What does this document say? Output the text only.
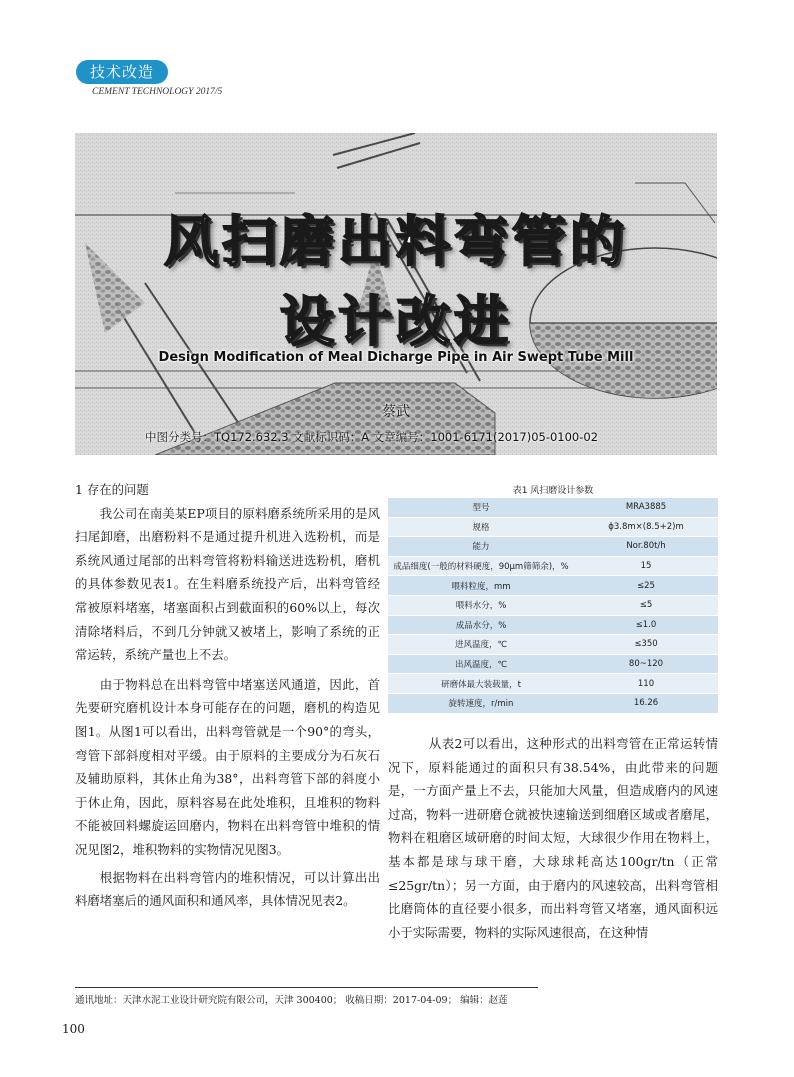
技术改造
CEMENT TECHNOLOGY 2017/5
风扫磨出料弯管的
设计改进
Design Modification of Meal Dicharge Pipe in Air Swept Tube Mill
蔡武
中图分类号：TQ172.632.3 文献标识码：A 文章编号：1001-6171(2017)05-0100-02
1 存在的问题

我公司在南美某EP项目的原料磨系统所采用的是风扫尾卸磨，出磨粉料不是通过提升机进入选粉机，而是系统风通过尾部的出料弯管将粉料输送进选粉机，磨机的具体参数见表1。在生料磨系统投产后，出料弯管经常被原料堵塞，堵塞面积占到截面积的60%以上，每次清除堵料后，不到几分钟就又被堵上，影响了系统的正常运转，系统产量也上不去。

由于物料总在出料弯管中堵塞送风通道，因此，首先要研究磨机设计本身可能存在的问题，磨机的构造见图1。从图1可以看出，出料弯管就是一个90°的弯头，弯管下部斜度相对平缓。由于原料的主要成分为石灰石及辅助原料，其休止角为38°，出料弯管下部的斜度小于休止角，因此，原料容易在此处堆积，且堆积的物料不能被回料螺旋运回磨内，物料在出料弯管中堆积的情况见图2，堆积物料的实物情况见图3。

根据物料在出料弯管内的堆积情况，可以计算出出料磨堵塞后的通风面积和通风率，具体情况见表2。

表1 风扫磨设计参数
型号	MRA3885
规格	ϕ3.8m×(8.5+2)m
能力	Nor.80t/h
成品细度(一般的材料硬度，90μm筛筛余)，%	15
喂料粒度，mm	≤25
喂料水分，%	≤5
成品水分，%	≤1.0
进风温度，℃	≤350
出风温度，℃	80~120
研磨体最大装载量，t	110
旋转速度，r/min	16.26

从表2可以看出，这种形式的出料弯管在正常运转情况下，原料能通过的面积只有38.54%，由此带来的问题是，一方面产量上不去，只能加大风量，但造成磨内的风速过高，物料一进研磨仓就被快速输送到细磨区域或者磨尾，物料在粗磨区域研磨的时间太短，大球很少作用在物料上，基本都是球与球干磨，大球球耗高达100gr/tn（正常≤25gr/tn）；另一方面，由于磨内的风速较高，出料弯管相比磨筒体的直径要小很多，而出料弯管又堵塞，通风面积远小于实际需要，物料的实际风速很高，在这种情

通讯地址：天津水泥工业设计研究院有限公司，天津 300400； 收稿日期：2017-04-09； 编辑：赵莲
100
